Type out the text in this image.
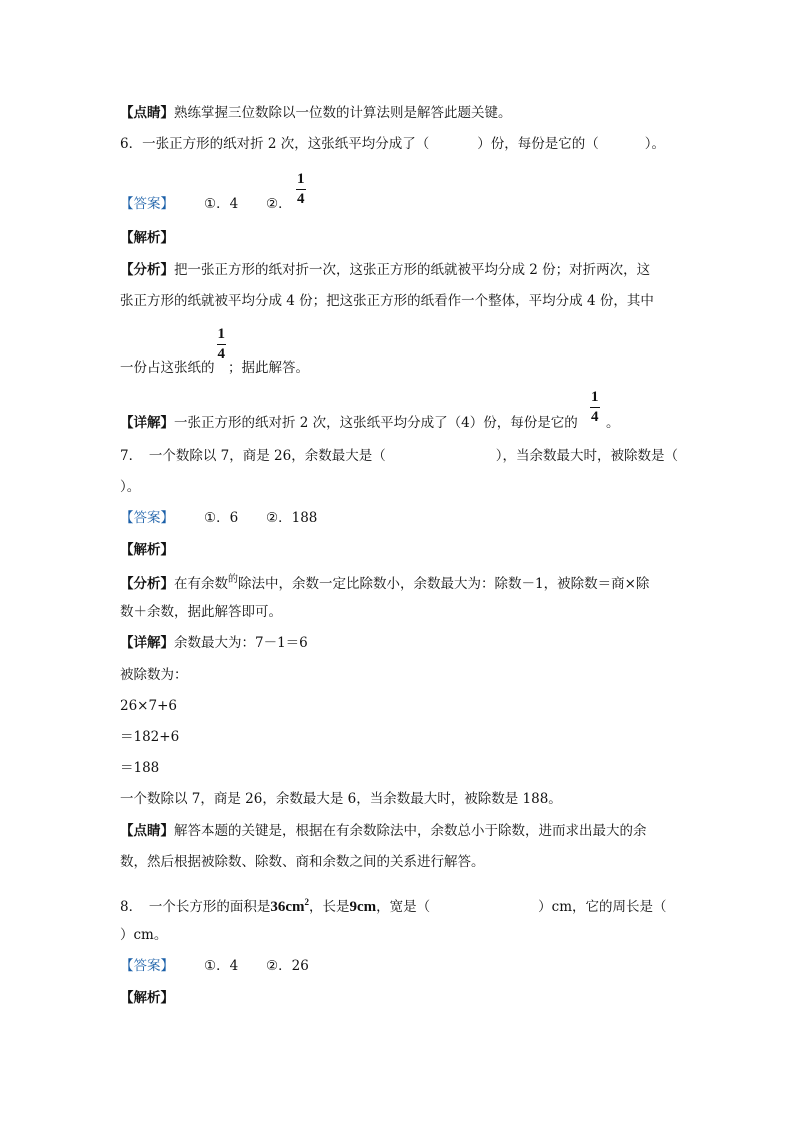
【点睛】熟练掌握三位数除以一位数的计算法则是解答此题关键。
6．一张正方形的纸对折 2 次，这张纸平均分成了（	）份，每份是它的（	）。
【答案】 ①．4 ②．
1
4
【解析】
【分析】把一张正方形的纸对折一次，这张正方形的纸就被平均分成 2 份；对折两次，这
张正方形的纸就被平均分成 4 份；把这张正方形的纸看作一个整体，平均分成 4 份，其中
一份占这张纸的
$\frac{1}{4}$
；据此解答。
【详解】一张正方形的纸对折 2 次，这张纸平均分成了（4）份，每份是它的
1
4 。
7．　一个数除以 7，商是 26，余数最大是（	），当余数最大时，被除数是（
）。
【答案】 ①．6 ②．188
【解析】
【分析】在有余数$^的$除法中，余数一定比除数小，余数最大为：除数－1，被除数＝商×除
数＋余数，据此解答即可。
【详解】余数最大为：7－1＝6
被除数为：
26×7+6
＝182+6
＝188
一个数除以 7，商是 26，余数最大是 6，当余数最大时，被除数是 188。
【点睛】解答本题的关键是，根据在有余数除法中，余数总小于除数，进而求出最大的余
数，然后根据被除数、除数、商和余数之间的关系进行解答。
8．　一个长方形的面积是$36cm^2$，长是9cm，宽是（	）cm，它的周长是（
）cm。
【答案】 ①．4 ②．26
【解析】
